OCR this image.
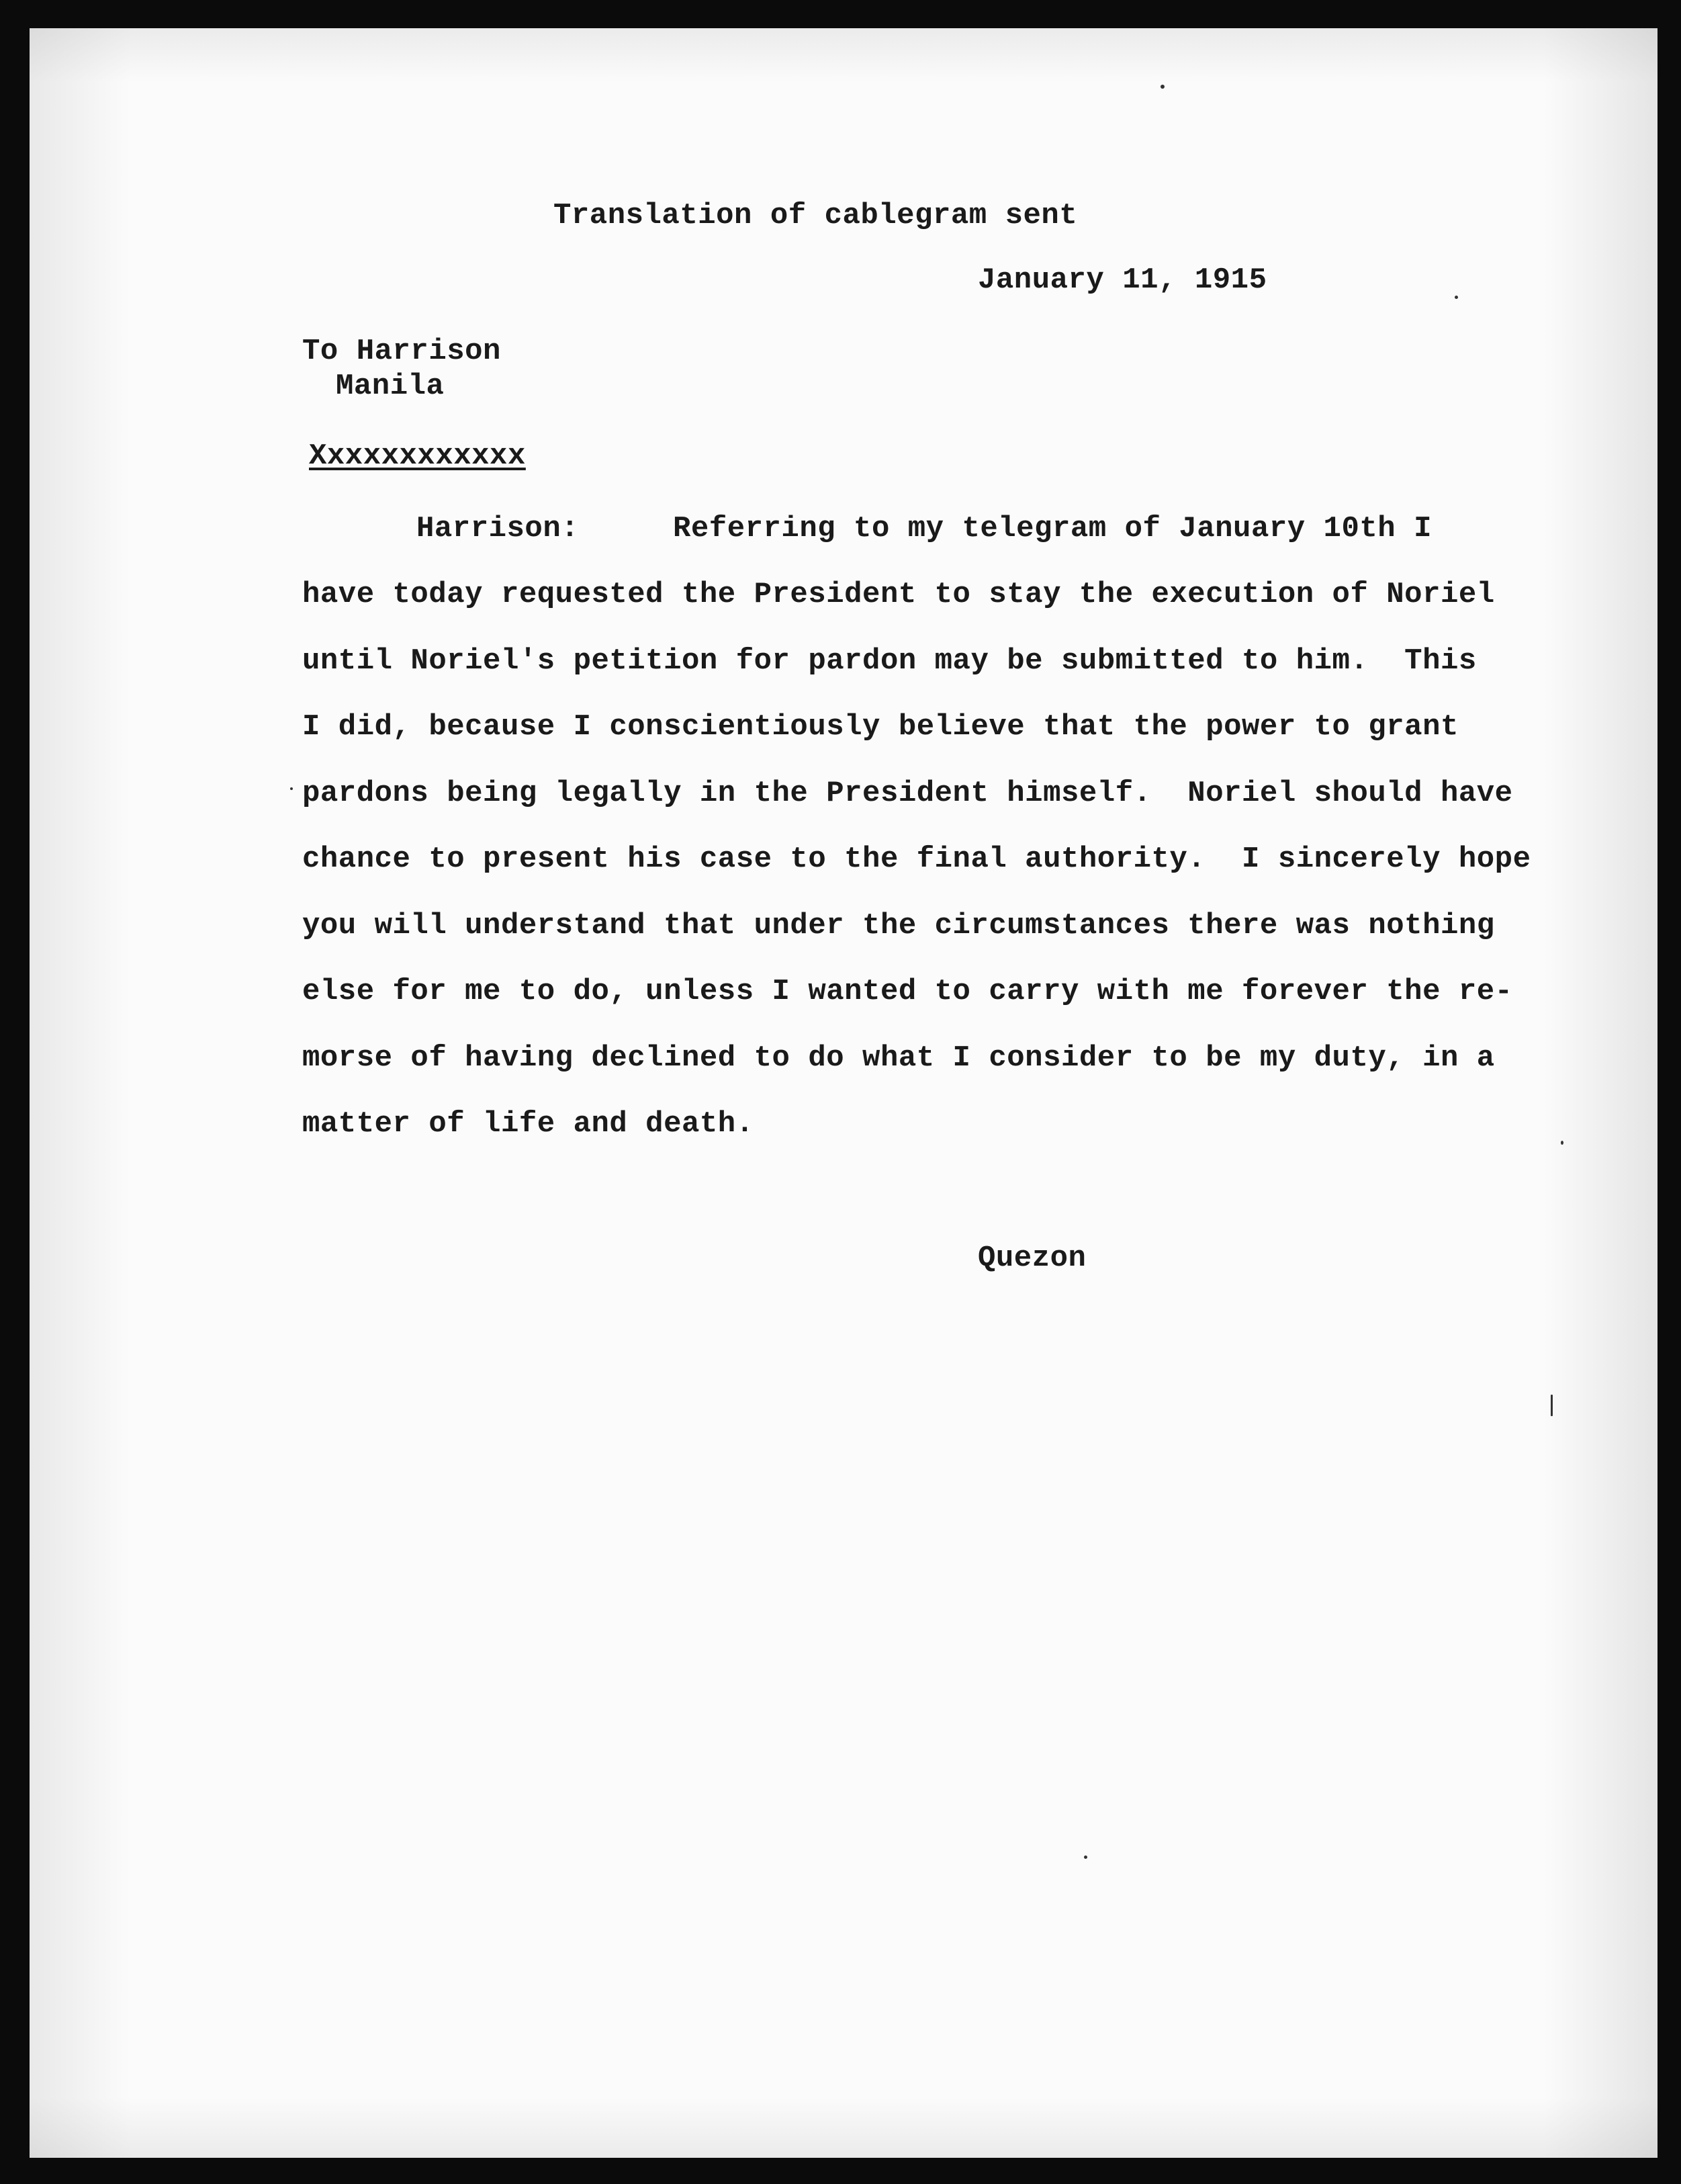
Translation of cablegram sent
January 11, 1915
To Harrison
Manila
Xxxxxxxxxxxx
Harrison:	Referring to my telegram of January 10th I
have today requested the President to stay the execution of Noriel
until Noriel's petition for pardon may be submitted to him.  This
I did, because I conscientiously believe that the power to grant
pardons being legally in the President himself.  Noriel should have
chance to present his case to the final authority.  I sincerely hope
you will understand that under the circumstances there was nothing
else for me to do, unless I wanted to carry with me forever the re-
morse of having declined to do what I consider to be my duty, in a
matter of life and death.
Quezon
